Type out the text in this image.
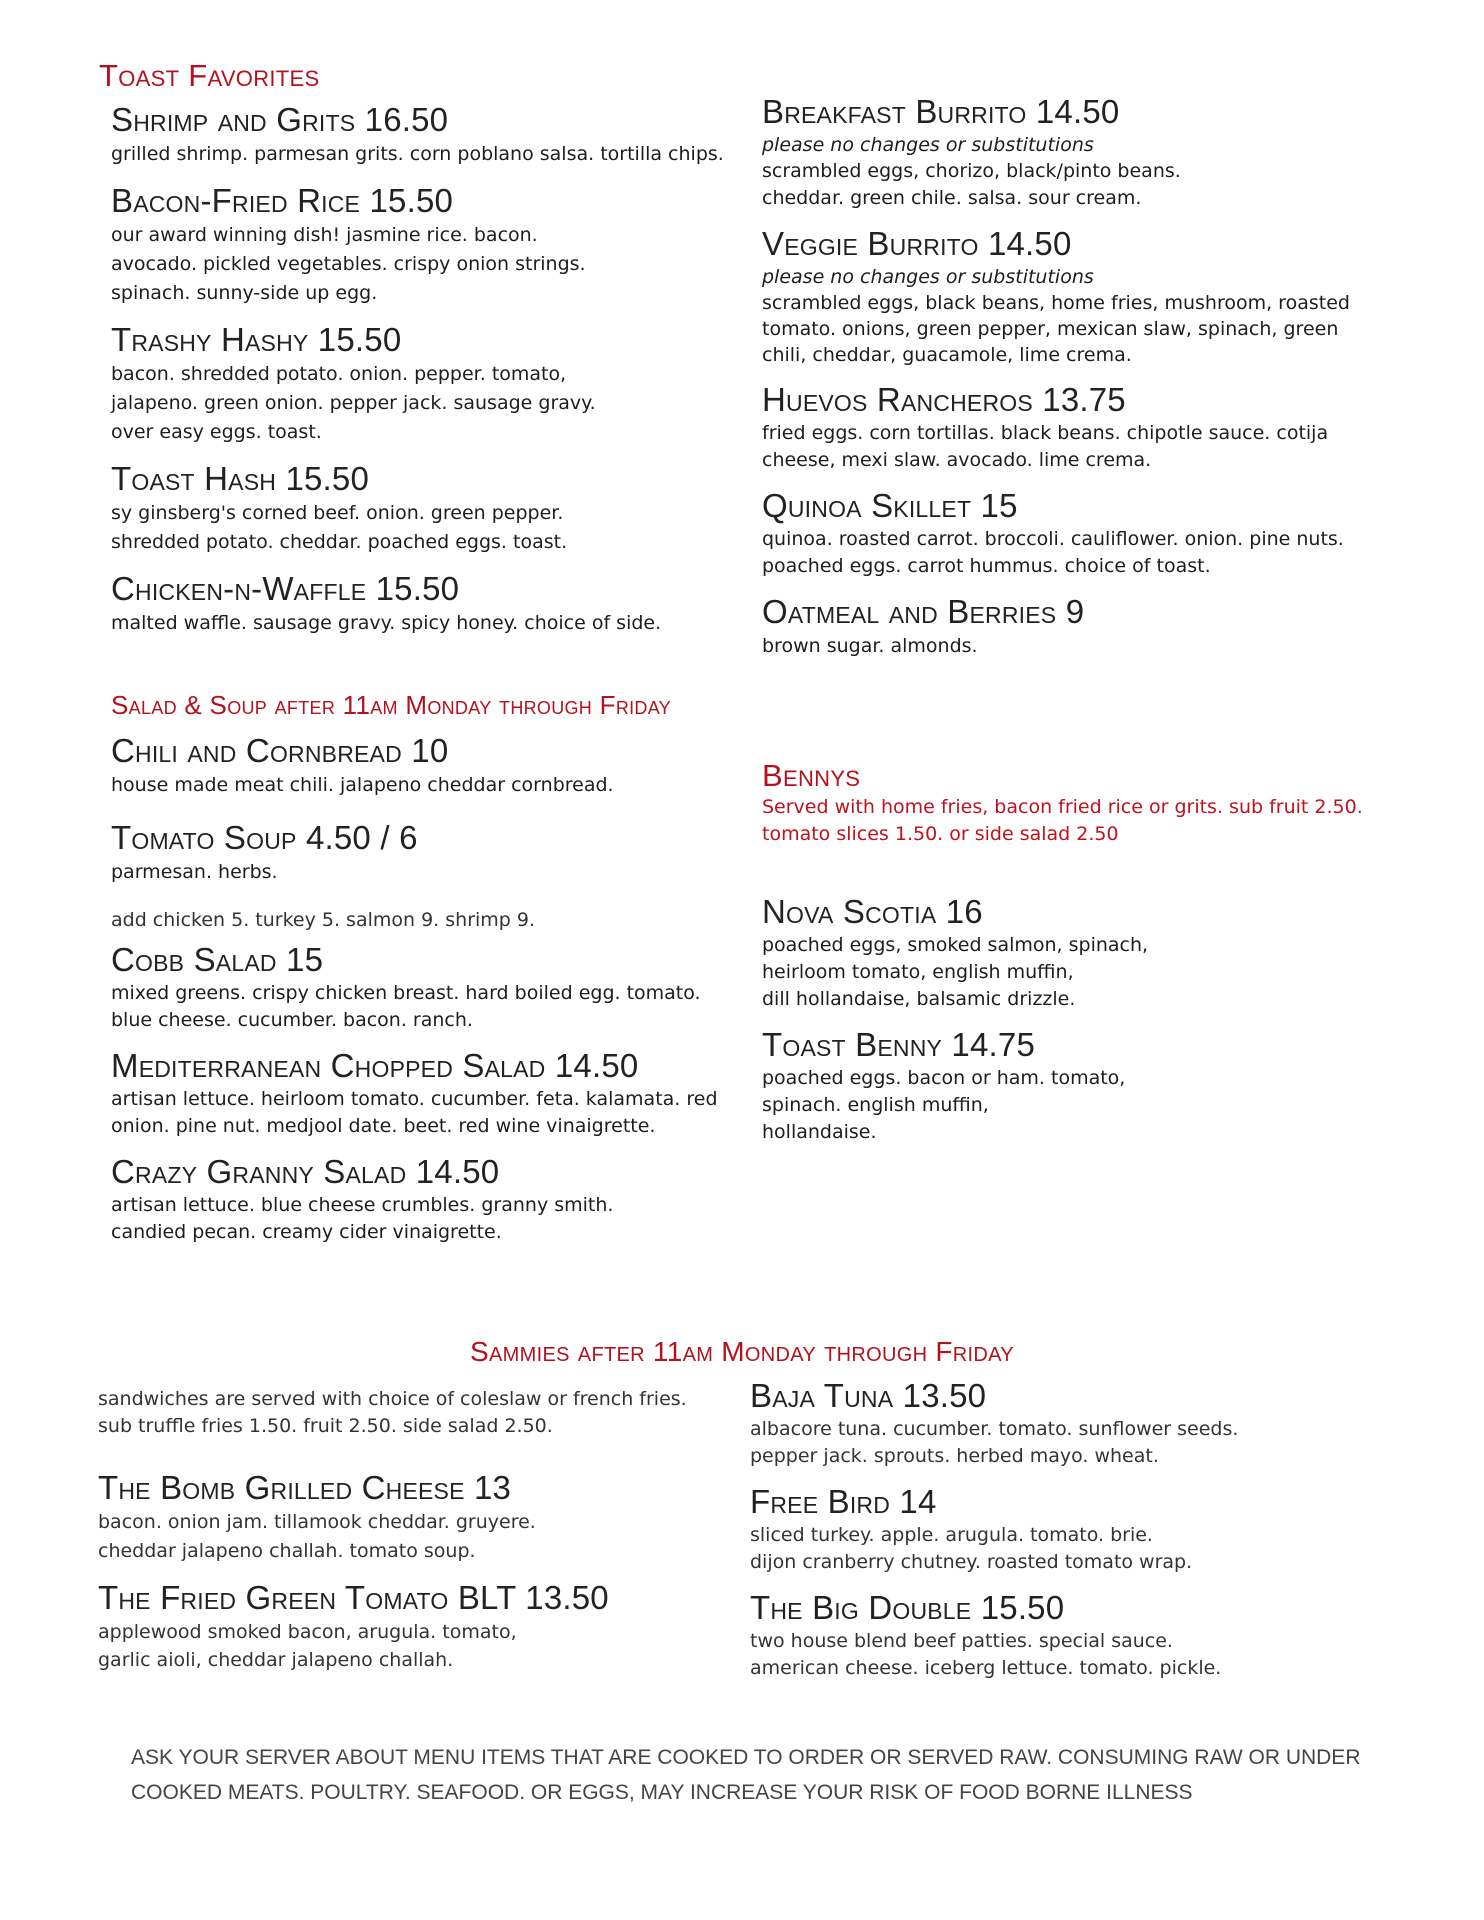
Toast Favorites
Shrimp and Grits 16.50
grilled shrimp. parmesan grits. corn poblano salsa. tortilla chips.
Bacon-Fried Rice 15.50
our award winning dish! jasmine rice. bacon.
avocado. pickled vegetables. crispy onion strings.
spinach. sunny-side up egg.
Trashy Hashy 15.50
bacon. shredded potato. onion. pepper. tomato,
jalapeno. green onion. pepper jack. sausage gravy.
over easy eggs. toast.
Toast Hash 15.50
sy ginsberg's corned beef. onion. green pepper.
shredded potato. cheddar. poached eggs. toast.
Chicken-n-Waffle 15.50
malted waffle. sausage gravy. spicy honey. choice of side.
Breakfast Burrito 14.50
please no changes or substitutions
scrambled eggs, chorizo, black/pinto beans.
cheddar. green chile. salsa. sour cream.
Veggie Burrito 14.50
please no changes or substitutions
scrambled eggs, black beans, home fries, mushroom, roasted
tomato. onions, green pepper, mexican slaw, spinach, green
chili, cheddar, guacamole, lime crema.
Huevos Rancheros 13.75
fried eggs. corn tortillas. black beans. chipotle sauce. cotija
cheese, mexi slaw. avocado. lime crema.
Quinoa Skillet 15
quinoa. roasted carrot. broccoli. cauliflower. onion. pine nuts.
poached eggs. carrot hummus. choice of toast.
Oatmeal and Berries 9
brown sugar. almonds.
Salad & Soup after 11am Monday through Friday
Chili and Cornbread 10
house made meat chili. jalapeno cheddar cornbread.
Tomato Soup 4.50 / 6
parmesan. herbs.
add chicken 5. turkey 5. salmon 9. shrimp 9.
Cobb Salad 15
mixed greens. crispy chicken breast. hard boiled egg. tomato.
blue cheese. cucumber. bacon. ranch.
Mediterranean Chopped Salad 14.50
artisan lettuce. heirloom tomato. cucumber. feta. kalamata. red
onion. pine nut. medjool date. beet. red wine vinaigrette.
Crazy Granny Salad 14.50
artisan lettuce. blue cheese crumbles. granny smith.
candied pecan. creamy cider vinaigrette.
Bennys
Served with home fries, bacon fried rice or grits. sub fruit 2.50.
tomato slices 1.50. or side salad 2.50
Nova Scotia 16
poached eggs, smoked salmon, spinach,
heirloom tomato, english muffin,
dill hollandaise, balsamic drizzle.
Toast Benny 14.75
poached eggs. bacon or ham. tomato,
spinach. english muffin,
hollandaise.
Sammies after 11am Monday through Friday
sandwiches are served with choice of coleslaw or french fries.
sub truffle fries 1.50. fruit 2.50. side salad 2.50.
The Bomb Grilled Cheese 13
bacon. onion jam. tillamook cheddar. gruyere.
cheddar jalapeno challah. tomato soup.
The Fried Green Tomato BLT 13.50
applewood smoked bacon, arugula. tomato,
garlic aioli, cheddar jalapeno challah.
Baja Tuna 13.50
albacore tuna. cucumber. tomato. sunflower seeds.
pepper jack. sprouts. herbed mayo. wheat.
Free Bird 14
sliced turkey. apple. arugula. tomato. brie.
dijon cranberry chutney. roasted tomato wrap.
The Big Double 15.50
two house blend beef patties. special sauce.
american cheese. iceberg lettuce. tomato. pickle.
ASK YOUR SERVER ABOUT MENU ITEMS THAT ARE COOKED TO ORDER OR SERVED RAW. CONSUMING RAW OR UNDER
COOKED MEATS. POULTRY. SEAFOOD. OR EGGS, MAY INCREASE YOUR RISK OF FOOD BORNE ILLNESS
